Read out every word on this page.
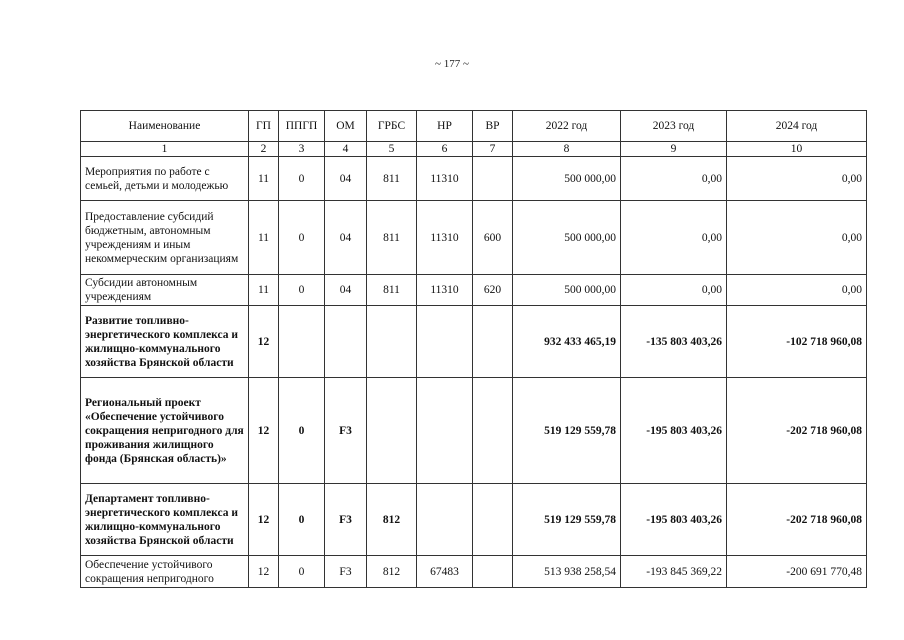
~ 177 ~
Наименование	ГП	ППГП	ОМ	ГРБС	НР	ВР	2022 год	2023 год	2024 год
1	2	3	4	5	6	7	8	9	10
Мероприятия по работе с семьей, детьми и молодежью	11	0	04	811	11310		500 000,00	0,00	0,00
Предоставление субсидий бюджетным, автономным учреждениям и иным некоммерческим организациям	11	0	04	811	11310	600	500 000,00	0,00	0,00
Субсидии автономным учреждениям	11	0	04	811	11310	620	500 000,00	0,00	0,00
Развитие топливно-энергетического комплекса и жилищно-коммунального хозяйства Брянской области	12						932 433 465,19	-135 803 403,26	-102 718 960,08
Региональный проект «Обеспечение устойчивого сокращения непригодного для проживания жилищного фонда (Брянская область)»	12	0	F3				519 129 559,78	-195 803 403,26	-202 718 960,08
Департамент топливно-энергетического комплекса и жилищно-коммунального хозяйства Брянской области	12	0	F3	812			519 129 559,78	-195 803 403,26	-202 718 960,08
Обеспечение устойчивого сокращения непригодного	12	0	F3	812	67483		513 938 258,54	-193 845 369,22	-200 691 770,48
